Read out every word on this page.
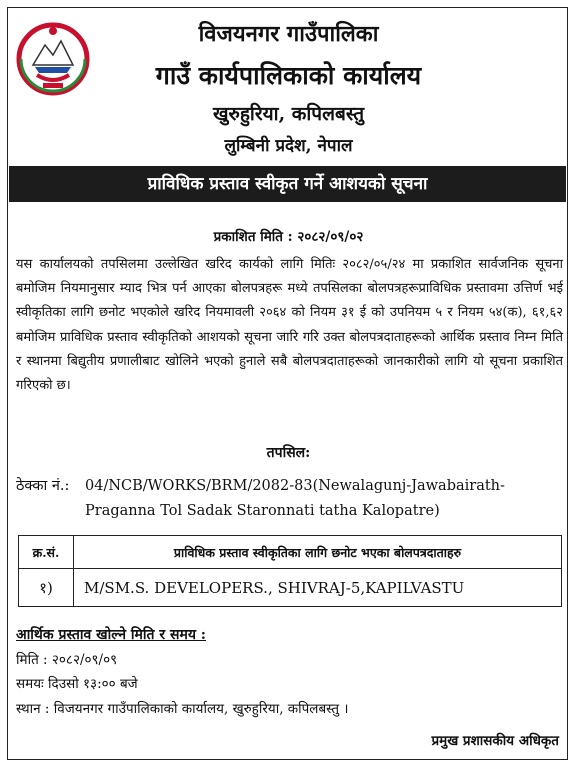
विजयनगर गाउँपालिका
गाउँ कार्यपालिकाको कार्यालय
खुरुहुरिया, कपिलबस्तु
लुम्बिनी प्रदेश, नेपाल
प्राविधिक प्रस्ताव स्वीकृत गर्ने आशयको सूचना
प्रकाशित मिति : २०८२/०९/०२
यस कार्यालयको तपसिलमा उल्लेखित खरिद कार्यको लागि मितिः २०८२/०५/२४ मा प्रकाशित सार्वजनिक सूचना बमोजिम नियमानुसार म्याद भित्र पर्न आएका बोलपत्रहरू मध्ये तपसिलका बोलपत्रहरूप्राविधिक प्रस्तावमा उत्तिर्ण भई स्वीकृतिका लागि छनोट भएकोले खरिद नियमावली २०६४ को नियम ३१ ई को उपनियम ५ र नियम ५४(क), ६१,६२ बमोजिम प्राविधिक प्रस्ताव स्वीकृतिको आशयको सूचना जारि गरि उक्त बोलपत्रदाताहरूको आर्थिक प्रस्ताव निम्न मिति र स्थानमा बिद्युतीय प्रणालीबाट खोलिने भएको हुनाले सबै बोलपत्रदाताहरूको जानकारीको लागि यो सूचना प्रकाशित गरिएको छ।
तपसिल:
ठेक्का नं.: 04/NCB/WORKS/BRM/2082-83(Newalagunj-Jawabairath-Praganna Tol Sadak Staronnati tatha Kalopatre)
क्र.सं.	प्राविधिक प्रस्ताव स्वीकृतिका लागि छनोट भएका बोलपत्रदाताहरु
१)	M/SM.S. DEVELOPERS., SHIVRAJ-5,KAPILVASTU
आर्थिक प्रस्ताव खोल्ने मिति र समय :
मिति : २०८२/०९/०९
समयः दिउसो १३:०० बजे
स्थान : विजयनगर गाउँपालिकाको कार्यालय, खुरुहुरिया, कपिलबस्तु ।
प्रमुख प्रशासकीय अधिकृत
